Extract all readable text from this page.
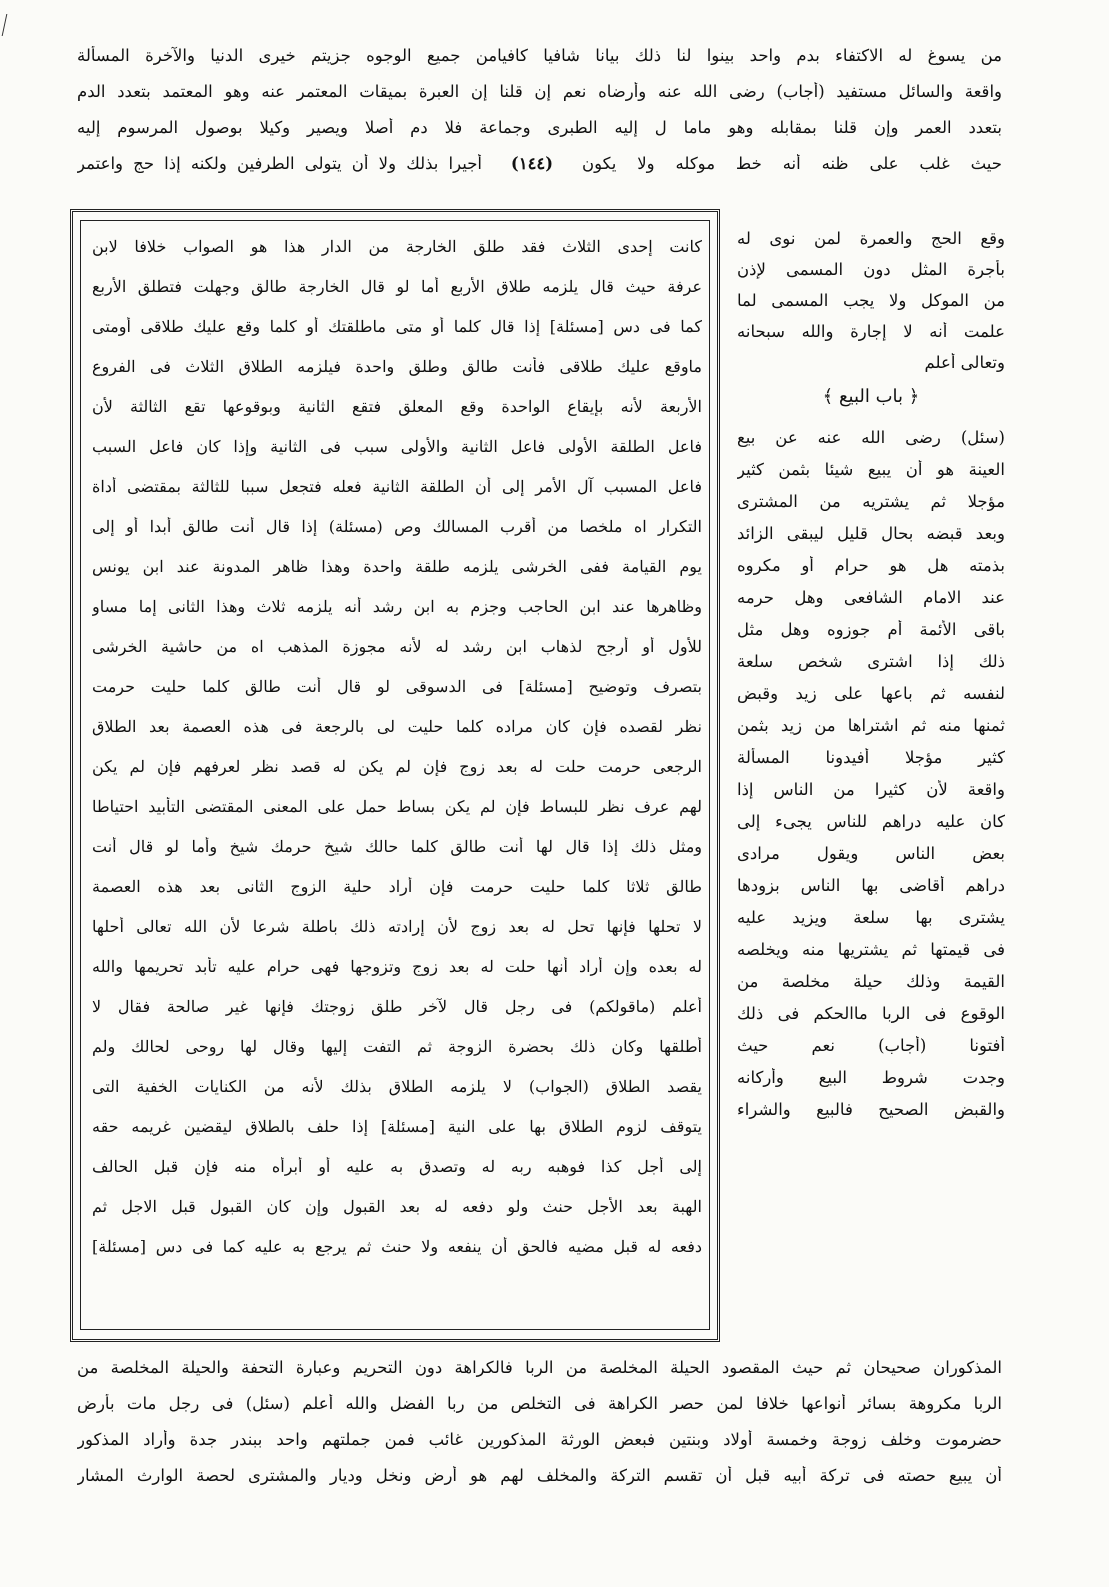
من يسوغ له الاكتفاء بدم واحد بينوا لنا ذلك بيانا شافيا كافيامن جميع الوجوه جزيتم خيرى الدنيا والآخرة المسألة
واقعة والسائل مستفيد (أجاب) رضى الله عنه وأرضاه نعم إن قلنا إن العبرة بميقات المعتمر عنه وهو المعتمد بتعدد الدم
بتعدد العمر وإن قلنا بمقابله وهو ماما ل إليه الطبرى وجماعة فلا دم أصلا ويصير وكيلا بوصول المرسوم إليه
حيث غلب على ظنه أنه خط موكله ولا يكون
(١٤٤)
أجيرا بذلك ولا أن يتولى الطرفين ولكنه إذا حج واعتمر
كانت إحدى الثلاث فقد طلق الخارجة من الدار هذا هو الصواب خلافا لابن
عرفة حيث قال يلزمه طلاق الأربع أما لو قال الخارجة طالق وجهلت فتطلق الأربع
كما فى دس [مسئلة] إذا قال كلما أو متى ماطلقتك أو كلما وقع عليك طلاقى أومتى
ماوقع عليك طلاقى فأنت طالق وطلق واحدة فيلزمه الطلاق الثلاث فى الفروع
الأربعة لأنه بإيقاع الواحدة وقع المعلق فتقع الثانية وبوقوعها تقع الثالثة لأن
فاعل الطلقة الأولى فاعل الثانية والأولى سبب فى الثانية وإذا كان فاعل السبب
فاعل المسبب آل الأمر إلى أن الطلقة الثانية فعله فتجعل سببا للثالثة بمقتضى أداة
التكرار اه ملخصا من أقرب المسالك وص (مسئلة) إذا قال أنت طالق أبدا أو إلى
يوم القيامة ففى الخرشى يلزمه طلقة واحدة وهذا ظاهر المدونة عند ابن يونس
وظاهرها عند ابن الحاجب وجزم به ابن رشد أنه يلزمه ثلاث وهذا الثانى إما مساو
للأول أو أرجح لذهاب ابن رشد له لأنه مجوزة المذهب اه من حاشية الخرشى
بتصرف وتوضيح [مسئلة] فى الدسوقى لو قال أنت طالق كلما حليت حرمت
نظر لقصده فإن كان مراده كلما حليت لى بالرجعة فى هذه العصمة بعد الطلاق
الرجعى حرمت حلت له بعد زوج فإن لم يكن له قصد نظر لعرفهم فإن لم يكن
لهم عرف نظر للبساط فإن لم يكن بساط حمل على المعنى المقتضى التأبيد احتياطا
ومثل ذلك إذا قال لها أنت طالق كلما حالك شيخ حرمك شيخ وأما لو قال أنت
طالق ثلاثا كلما حليت حرمت فإن أراد حلية الزوج الثانى بعد هذه العصمة
لا تحلها فإنها تحل له بعد زوج لأن إرادته ذلك باطلة شرعا لأن الله تعالى أحلها
له بعده وإن أراد أنها حلت له بعد زوج وتزوجها فهى حرام عليه تأبد تحريمها والله
أعلم (ماقولكم) فى رجل قال لآخر طلق زوجتك فإنها غير صالحة فقال لا
أطلقها وكان ذلك بحضرة الزوجة ثم التفت إليها وقال لها روحى لحالك ولم
يقصد الطلاق (الجواب) لا يلزمه الطلاق بذلك لأنه من الكنايات الخفية التى
يتوقف لزوم الطلاق بها على النية [مسئلة] إذا حلف بالطلاق ليقضين غريمه حقه
إلى أجل كذا فوهبه ربه له وتصدق به عليه أو أبرأه منه فإن قبل الحالف
الهبة بعد الأجل حنث ولو دفعه له بعد القبول وإن كان القبول قبل الاجل ثم
دفعه له قبل مضيه فالحق أن ينفعه ولا حنث ثم يرجع به عليه كما فى دس [مسئلة]
وقع الحج والعمرة لمن نوى له
بأجرة المثل دون المسمى لإذن
من الموكل ولا يجب المسمى لما
علمت أنه لا إجارة والله سبحانه
وتعالى أعلم
﴿ باب البيع ﴾
(سئل) رضى الله عنه عن بيع
العينة هو أن يبيع شيئا بثمن كثير
مؤجلا ثم يشتريه من المشترى
وبعد قبضه بحال قليل ليبقى الزائد
بذمته هل هو حرام أو مكروه
عند الامام الشافعى وهل حرمه
باقى الأئمة أم جوزوه وهل مثل
ذلك إذا اشترى شخص سلعة
لنفسه ثم باعها على زيد وقبض
ثمنها منه ثم اشتراها من زيد بثمن
كثير مؤجلا أفيدونا المسألة
واقعة لأن كثيرا من الناس إذا
كان عليه دراهم للناس يجىء إلى
بعض الناس ويقول مرادى
دراهم أقاضى بها الناس بزودها
يشترى بها سلعة ويزيد عليه
فى قيمتها ثم يشتريها منه ويخلصه
القيمة وذلك حيلة مخلصة من
الوقوع فى الربا ماالحكم فى ذلك
أفتونا (أجاب) نعم حيث
وجدت شروط البيع وأركانه
والقبض الصحيح فالبيع والشراء
المذكوران صحيحان ثم حيث المقصود الحيلة المخلصة من الربا فالكراهة دون التحريم وعبارة التحفة والحيلة المخلصة من
الربا مكروهة بسائر أنواعها خلافا لمن حصر الكراهة فى التخلص من ربا الفضل والله أعلم (سئل) فى رجل مات بأرض
حضرموت وخلف زوجة وخمسة أولاد وبنتين فبعض الورثة المذكورين غائب فمن جملتهم واحد ببندر جدة وأراد المذكور
أن يبيع حصته فى تركة أبيه قبل أن تقسم التركة والمخلف لهم هو أرض ونخل وديار والمشترى لحصة الوارث المشار
